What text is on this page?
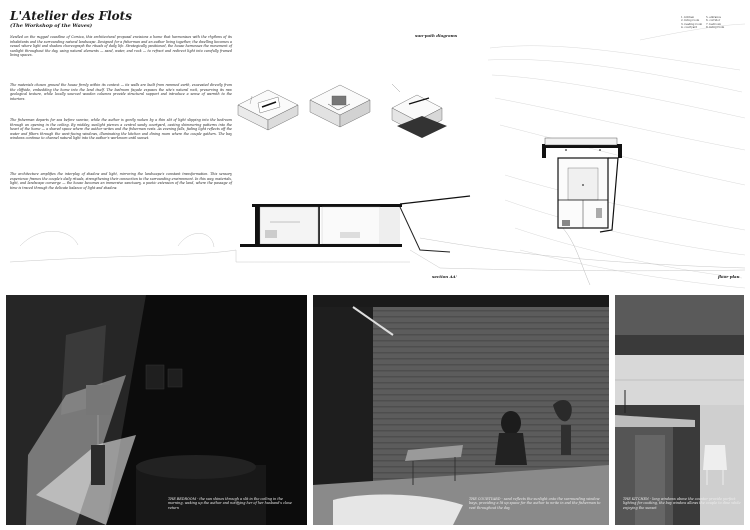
L'Atelier des Flots
(The Workshop of the Waves)
Nestled on the rugged coastline of Corsica, this architectural proposal envisions a home that harmonises with the rhythms of its inhabitants and the surrounding natural landscape. Designed for a fisherman and an author living together, the dwelling becomes a vessel where light and shadow choreograph the rituals of daily life. Strategically positioned, the house harnesses the movement of sunlight throughout the day, using natural elements — sand, water, and rock — to refract and redirect light into carefully framed living spaces.
The materials chosen ground the house firmly within its context — its walls are built from rammed earth, excavated directly from the cliffside, embedding the home into the land itself. The bedroom façade exposes the site's natural rock, preserving its raw geological texture, while locally sourced wooden columns provide structural support and introduce a sense of warmth to the interiors.
The fisherman departs for sea before sunrise, while the author is gently woken by a thin slit of light slipping into the bedroom through an opening in the ceiling. By midday, sunlight pierces a central sandy courtyard, casting shimmering patterns into the heart of the home — a shared space where the author writes and the fisherman rests. As evening falls, fading light reflects off the water and filters through the west-facing windows, illuminating the kitchen and dining room where the couple gathers. The bay windows continue to channel natural light into the author's workroom until sunset.
The architecture amplifies the interplay of shadow and light, mirroring the landscape's constant transformation. This sensory experience frames the couple's daily rituals, strengthening their connection to the surrounding environment. In this way, materials, light, and landscape converge — the house becomes an immersive sanctuary, a poetic extension of the land, where the passage of time is traced through the delicate balance of light and shadow.
sun-path diagrams
section AA'	floor plan
1. kitchen	5. entrance
2. living room	6. corridor
3. reading room	7. bedroom
4. courtyard	8. living room
THE BEDROOM - the sun shines through a slit in the ceiling in the morning, waking up the author and notifying her of her husband's close return
THE COURTYARD - sand reflects the sunlight onto the surrounding window bays, providing a lit up space for the author to write in and the fisherman to rest throughout the day
THE KITCHEN - long windows above the counter provide perfect lighting for cooking, the bay window allows the couple to dine while enjoying the sunset
